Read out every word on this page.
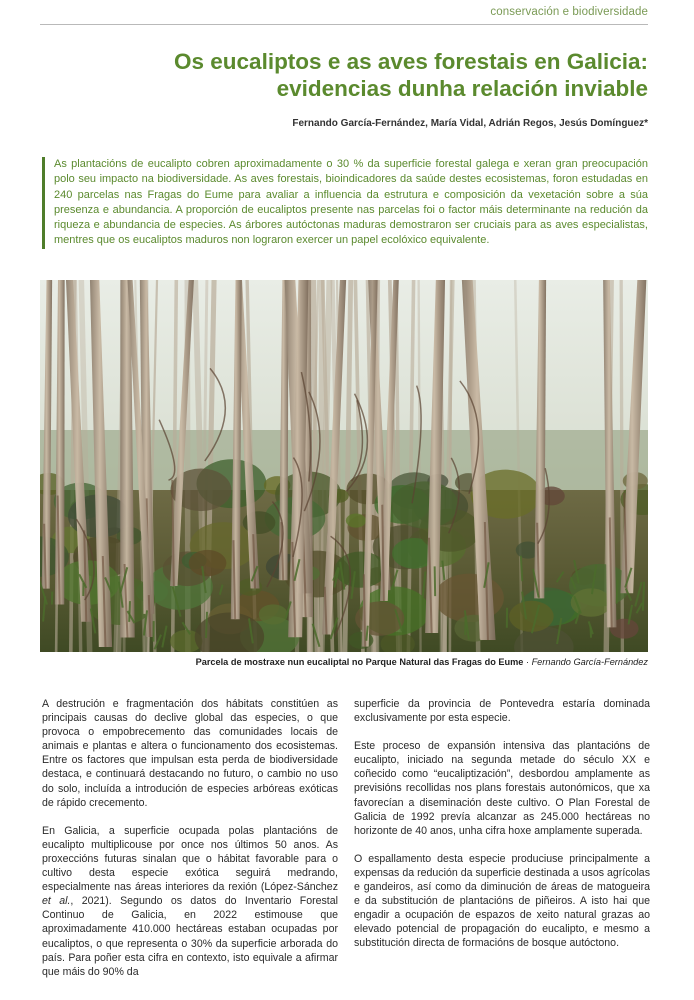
conservación e biodiversidade
Os eucaliptos e as aves forestais en Galicia:
evidencias dunha relación inviable
Fernando García-Fernández, María Vidal, Adrián Regos, Jesús Domínguez*

As plantacións de eucalipto cobren aproximadamente o 30 % da superficie forestal galega e xeran gran preocupación polo seu impacto na biodiversidade. As aves forestais, bioindicadores da saúde destes ecosistemas, foron estudadas en 240 parcelas nas Fragas do Eume para avaliar a influencia da estrutura e composición da vexetación sobre a súa presenza e abundancia. A proporción de eucaliptos presente nas parcelas foi o factor máis determinante na redución da riqueza e abundancia de especies. As árbores autóctonas maduras demostraron ser cruciais para as aves especialistas, mentres que os eucaliptos maduros non lograron exercer un papel ecolóxico equivalente.

Parcela de mostraxe nun eucaliptal no Parque Natural das Fragas do Eume · Fernando García-Fernández

A destrución e fragmentación dos hábitats constitúen as principais causas do declive global das especies, o que provoca o empobrecemento das comunidades locais de animais e plantas e altera o funcionamento dos ecosistemas. Entre os factores que impulsan esta perda de biodiversidade destaca, e continuará destacando no futuro, o cambio no uso do solo, incluída a introdución de especies arbóreas exóticas de rápido crecemento.

En Galicia, a superficie ocupada polas plantacións de eucalipto multiplicouse por once nos últimos 50 anos. As proxeccións futuras sinalan que o hábitat favorable para o cultivo desta especie exótica seguirá medrando, especialmente nas áreas interiores da rexión (López-Sánchez et al., 2021). Segundo os datos do Inventario Forestal Continuo de Galicia, en 2022 estimouse que aproximadamente 410.000 hectáreas estaban ocupadas por eucaliptos, o que representa o 30% da superficie arborada do país. Para poñer esta cifra en contexto, isto equivale a afirmar que máis do 90% da

superficie da provincia de Pontevedra estaría dominada exclusivamente por esta especie.

Este proceso de expansión intensiva das plantacións de eucalipto, iniciado na segunda metade do século XX e coñecido como “eucaliptización”, desbordou amplamente as previsións recollidas nos plans forestais autonómicos, que xa favorecían a diseminación deste cultivo. O Plan Forestal de Galicia de 1992 prevía alcanzar as 245.000 hectáreas no horizonte de 40 anos, unha cifra hoxe amplamente superada.

O espallamento desta especie produciuse principalmente a expensas da redución da superficie destinada a usos agrícolas e gandeiros, así como da diminución de áreas de matogueira e da substitución de plantacións de piñeiros. A isto hai que engadir a ocupación de espazos de xeito natural grazas ao elevado potencial de propagación do eucalipto, e mesmo a substitución directa de formacións de bosque autóctono.
